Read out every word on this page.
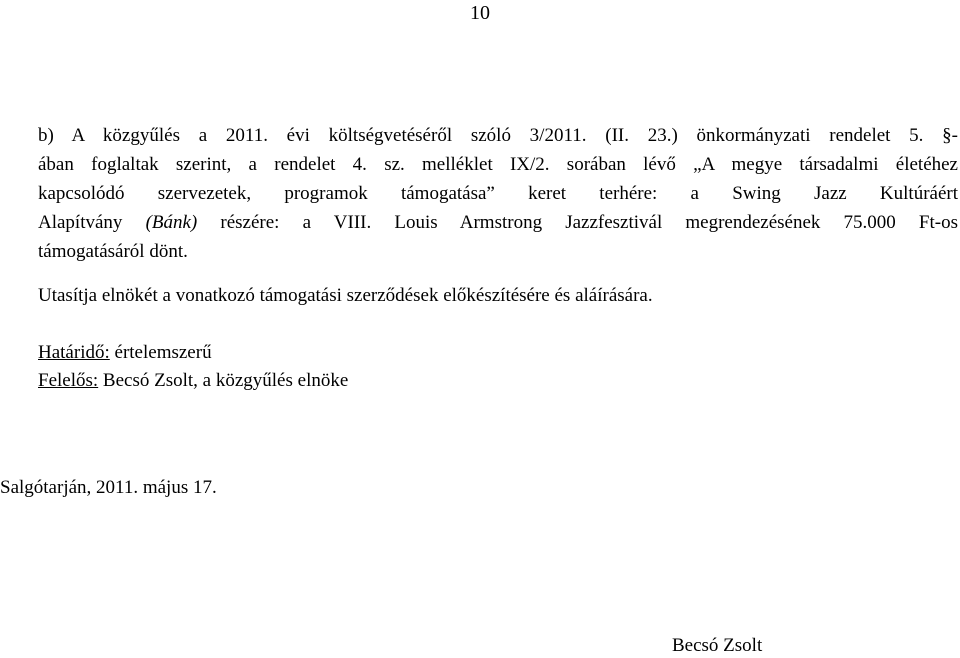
10
b) A közgyűlés a 2011. évi költségvetéséről szóló 3/2011. (II. 23.) önkormányzati rendelet 5. §-
ában foglaltak szerint, a rendelet 4. sz. melléklet IX/2. sorában lévő „A megye társadalmi életéhez
kapcsolódó szervezetek, programok támogatása” keret terhére: a Swing Jazz Kultúráért
Alapítvány (Bánk) részére: a VIII. Louis Armstrong Jazzfesztivál megrendezésének 75.000 Ft-os
támogatásáról dönt.
Utasítja elnökét a vonatkozó támogatási szerződések előkészítésére és aláírására.
Határidő: értelemszerű
Felelős: Becsó Zsolt, a közgyűlés elnöke
Salgótarján, 2011. május 17.
Becsó Zsolt
